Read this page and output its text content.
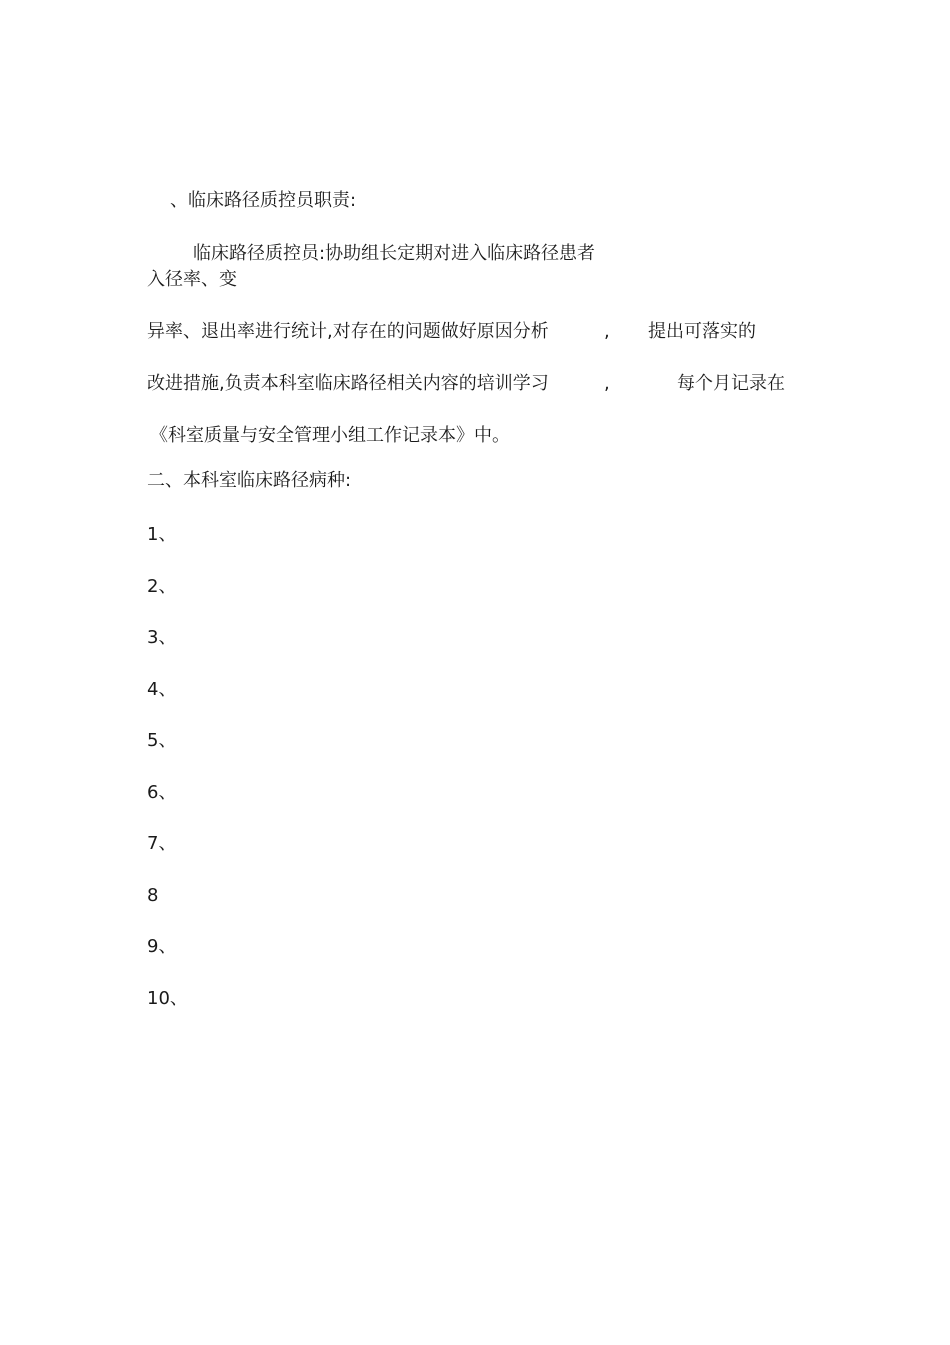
、临床路径质控员职责:
临床路径质控员:协助组长定期对进入临床路径患者
入径率、变
异率、退出率进行统计,对存在的问题做好原因分析	, 提出可落实的
改进措施,负责本科室临床路径相关内容的培训学习	,	每个月记录在
《科室质量与安全管理小组工作记录本》中。
二、本科室临床路径病种:
1、
2、
3、
4、
5、
6、
7、
8
9、
10、
